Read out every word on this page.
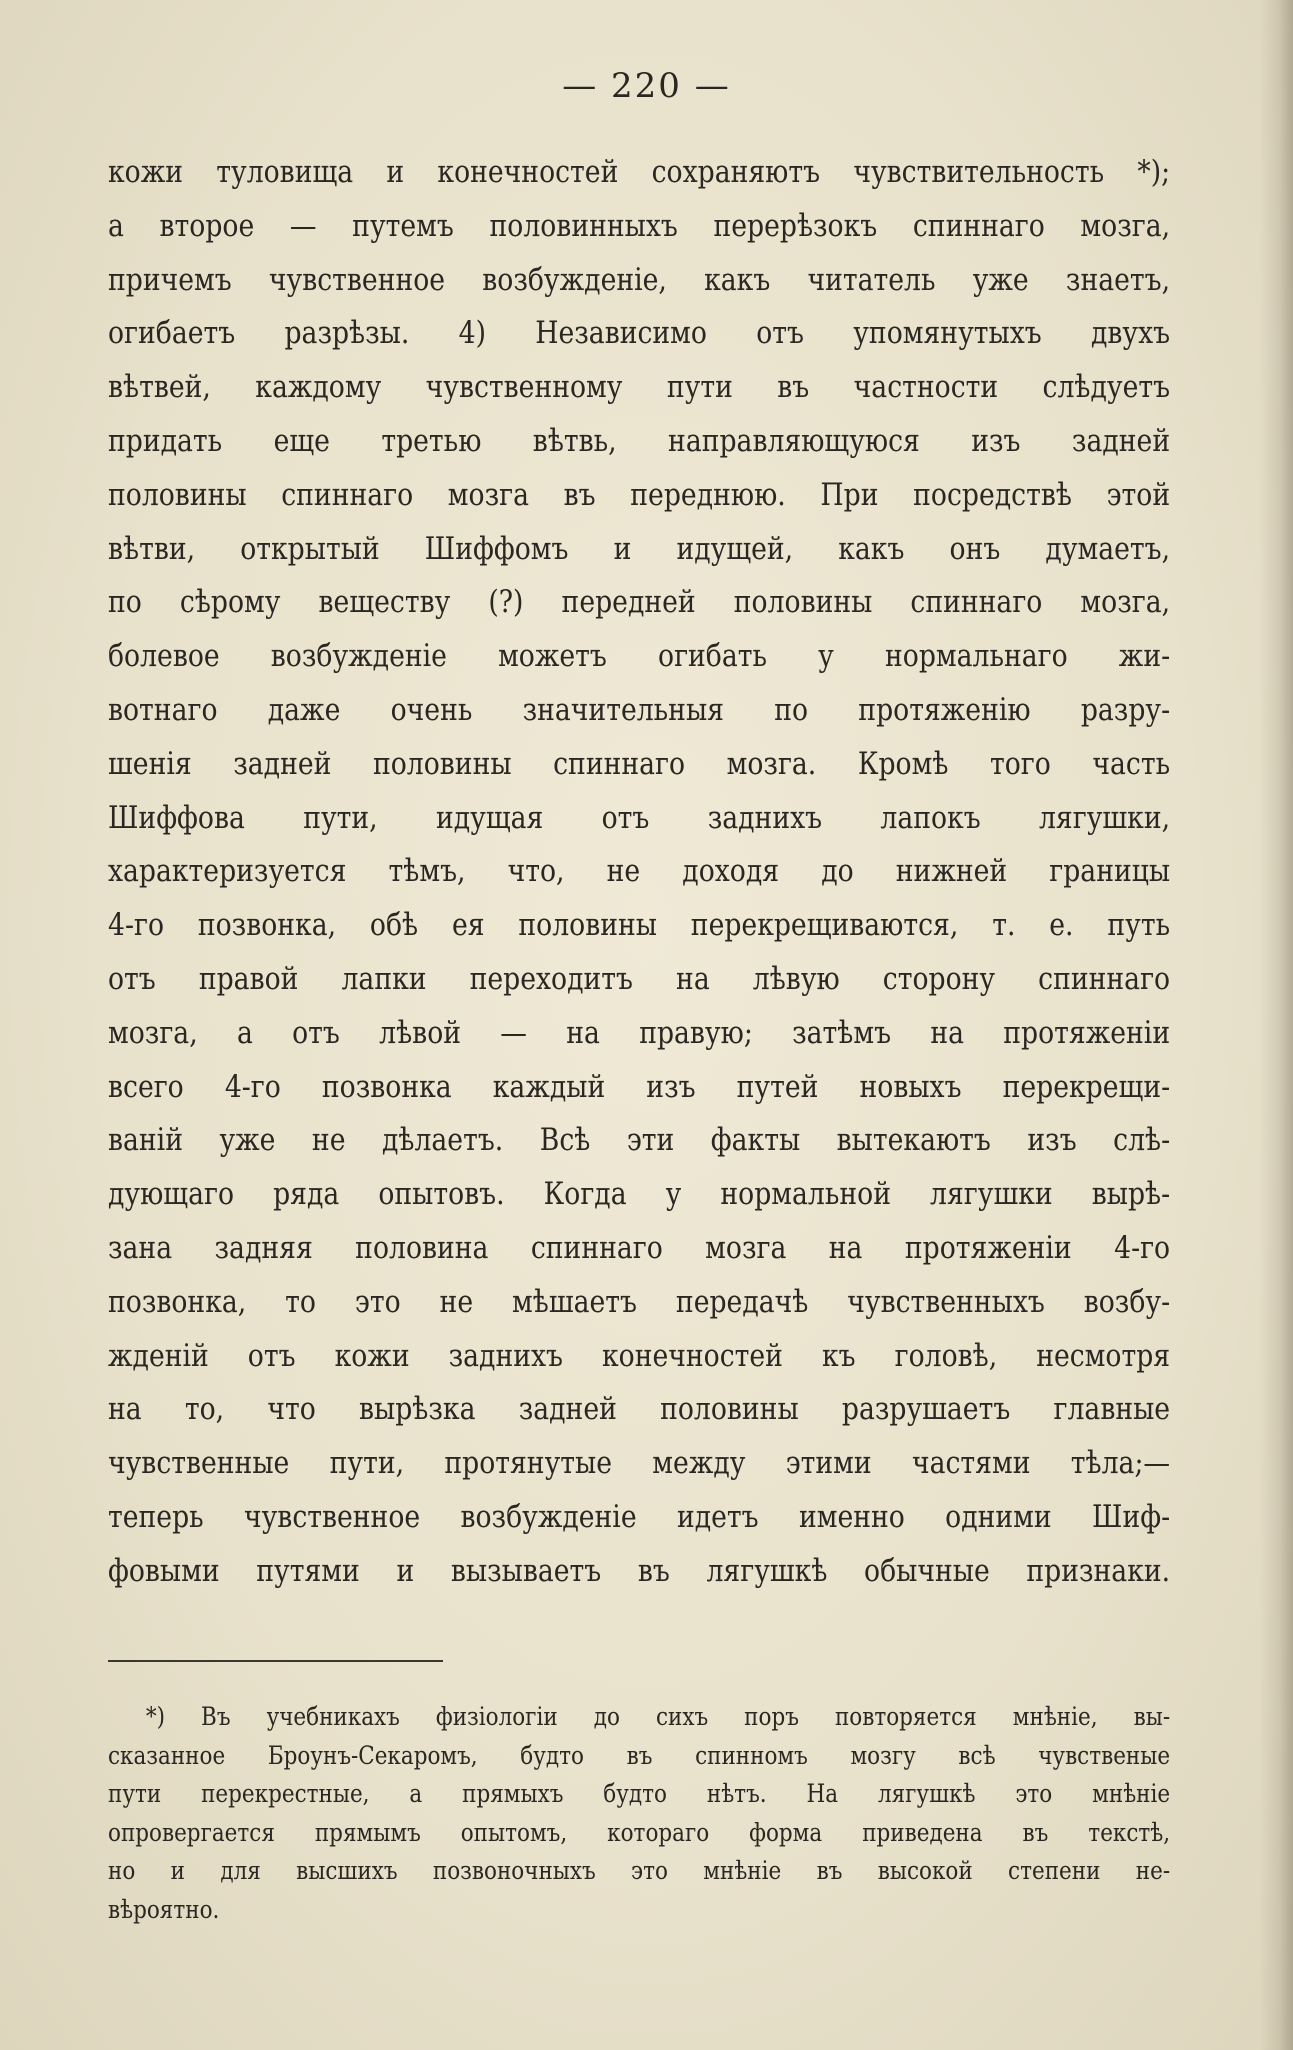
— 220 —
кожи туловища и конечностей сохраняютъ чувствительность *);
а второе — путемъ половинныхъ перерѣзокъ спиннаго мозга,
причемъ чувственное возбужденіе, какъ читатель уже знаетъ,
огибаетъ разрѣзы. 4) Независимо отъ упомянутыхъ двухъ
вѣтвей, каждому чувственному пути въ частности слѣдуетъ
придать еще третью вѣтвь, направляющуюся изъ задней
половины спиннаго мозга въ переднюю. При посредствѣ этой
вѣтви, открытый Шиффомъ и идущей, какъ онъ думаетъ,
по сѣрому веществу (?) передней половины спиннаго мозга,
болевое возбужденіе можетъ огибать у нормальнаго жи-
вотнаго даже очень значительныя по протяженію разру-
шенія задней половины спиннаго мозга. Кромѣ того часть
Шиффова пути, идущая отъ заднихъ лапокъ лягушки,
характеризуется тѣмъ, что, не доходя до нижней границы
4-го позвонка, обѣ ея половины перекрещиваются, т. е. путь
отъ правой лапки переходитъ на лѣвую сторону спиннаго
мозга, а отъ лѣвой — на правую; затѣмъ на протяженіи
всего 4-го позвонка каждый изъ путей новыхъ перекрещи-
ваній уже не дѣлаетъ. Всѣ эти факты вытекаютъ изъ слѣ-
дующаго ряда опытовъ. Когда у нормальной лягушки вырѣ-
зана задняя половина спиннаго мозга на протяженіи 4-го
позвонка, то это не мѣшаетъ передачѣ чувственныхъ возбу-
жденій отъ кожи заднихъ конечностей къ головѣ, несмотря
на то, что вырѣзка задней половины разрушаетъ главные
чувственные пути, протянутые между этими частями тѣла;—
теперь чувственное возбужденіе идетъ именно одними Шиф-
фовыми путями и вызываетъ въ лягушкѣ обычные признаки.
*) Въ учебникахъ физіологіи до сихъ поръ повторяется мнѣніе, вы-
сказанное Броунъ-Секаромъ, будто въ спинномъ мозгу всѣ чувственые
пути перекрестные, а прямыхъ будто нѣтъ. На лягушкѣ это мнѣніе
опровергается прямымъ опытомъ, котораго форма приведена въ текстѣ,
но и для высшихъ позвоночныхъ это мнѣніе въ высокой степени не-
вѣроятно.
